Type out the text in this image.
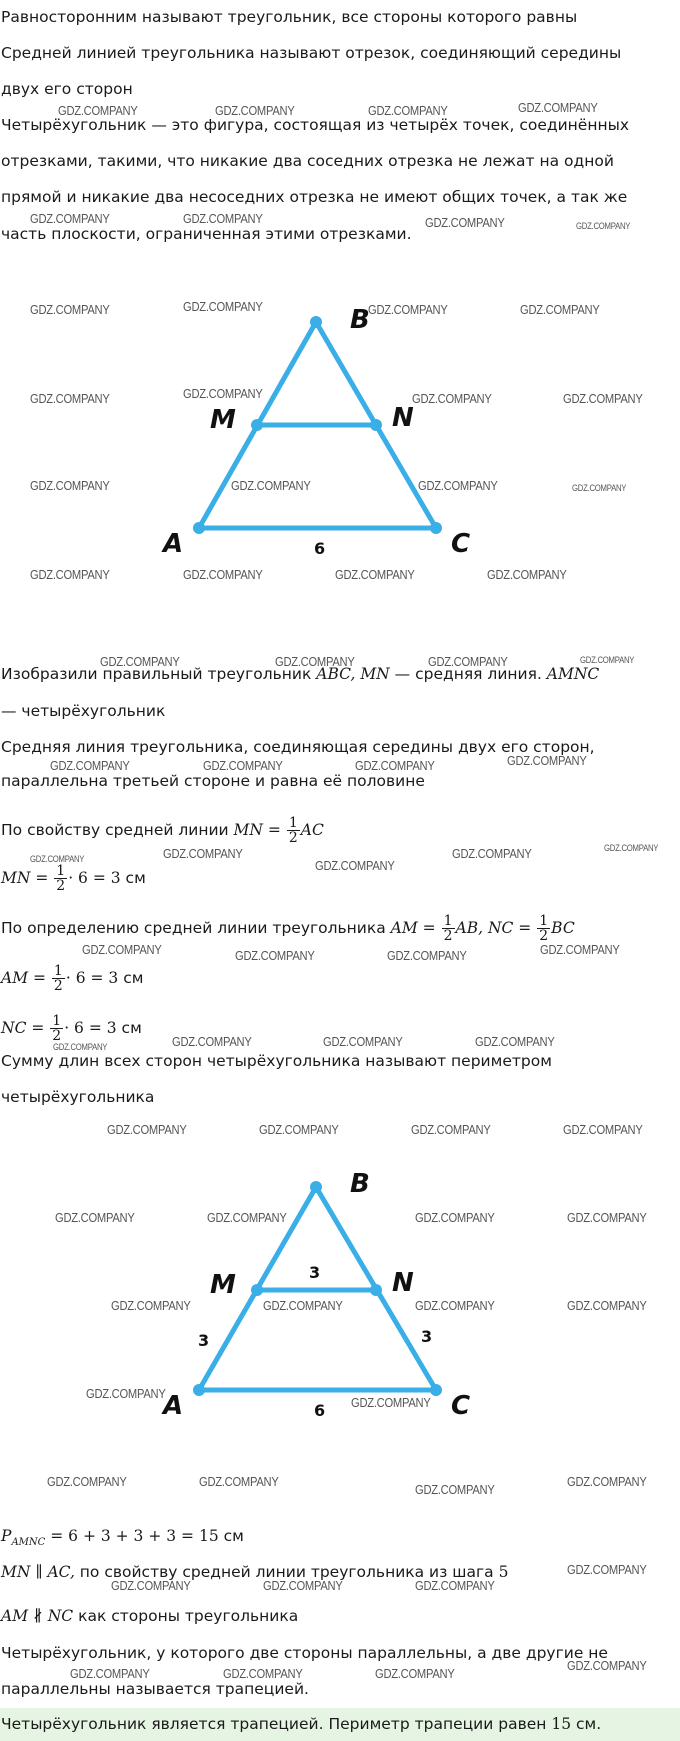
Равносторонним называют треугольник, все стороны которого равны
Средней линией треугольника называют отрезок, соединяющий середины
двух его сторон
Четырёхугольник — это фигура, состоящая из четырёх точек, соединённых
отрезками, такими, что никакие два соседних отрезка не лежат на одной
прямой и никакие два несоседних отрезка не имеют общих точек, а так же
часть плоскости, ограниченная этими отрезками.
B
M	N
A	C
6
Изобразили правильный треугольник ABC, MN — средняя линия. AMNC
— четырёхугольник
Средняя линия треугольника, соединяющая середины двух его сторон,
параллельна третьей стороне и равна её половине
По свойству средней линии MN = $\frac{1}{2}$ AC
MN = $\frac{1}{2} \cdot 6 = 3$ см
По определению средней линии треугольника AM = $\frac{1}{2}$ AB, NC = $\frac{1}{2}$ BC
AM = $\frac{1}{2} \cdot 6 = 3$ см
NC = $\frac{1}{2} \cdot 6 = 3$ см
Сумму длин всех сторон четырёхугольника называют периметром
четырёхугольника
B
M	N
A	C
3
3	3
6
$P_{AMNC} = 6 + 3 + 3 + 3 = 15$ см
MN ∥ AC, по свойству средней линии треугольника из шага 5
AM ∦ NC как стороны треугольника
Четырёхугольник, у которого две стороны параллельны, а две другие не
параллельны называется трапецией.
Четырёхугольник является трапецией. Периметр трапеции равен 15 см.
GDZ.COMPANY	GDZ.COMPANY	GDZ.COMPANY	GDZ.COMPANY
GDZ.COMPANY	GDZ.COMPANY	GDZ.COMPANY	GDZ.COMPANY
GDZ.COMPANY	GDZ.COMPANY	GDZ.COMPANY	GDZ.COMPANY
GDZ.COMPANY	GDZ.COMPANY	GDZ.COMPANY	GDZ.COMPANY
GDZ.COMPANY	GDZ.COMPANY	GDZ.COMPANY	GDZ.COMPANY
GDZ.COMPANY	GDZ.COMPANY	GDZ.COMPANY	GDZ.COMPANY
GDZ.COMPANY	GDZ.COMPANY	GDZ.COMPANY	GDZ.COMPANY
GDZ.COMPANY	GDZ.COMPANY	GDZ.COMPANY	GDZ.COMPANY
GDZ.COMPANY	GDZ.COMPANY
GDZ.COMPANY
GDZ.COMPANY	GDZ.COMPANY
GDZ.COMPANY	GDZ.COMPANY	GDZ.COMPANY	GDZ.COMPANY
GDZ.COMPANY	GDZ.COMPANY	GDZ.COMPANY	GDZ.COMPANY
GDZ.COMPANY	GDZ.COMPANY	GDZ.COMPANY	GDZ.COMPANY
GDZ.COMPANY	GDZ.COMPANY	GDZ.COMPANY	GDZ.COMPANY
GDZ.COMPANY	GDZ.COMPANY	GDZ.COMPANY	GDZ.COMPANY
GDZ.COMPANY
GDZ.COMPANY
GDZ.COMPANY	GDZ.COMPANY
GDZ.COMPANY
GDZ.COMPANY
GDZ.COMPANY
GDZ.COMPANY	GDZ.COMPANY	GDZ.COMPANY
GDZ.COMPANY	GDZ.COMPANY	GDZ.COMPANY
GDZ.COMPANY
